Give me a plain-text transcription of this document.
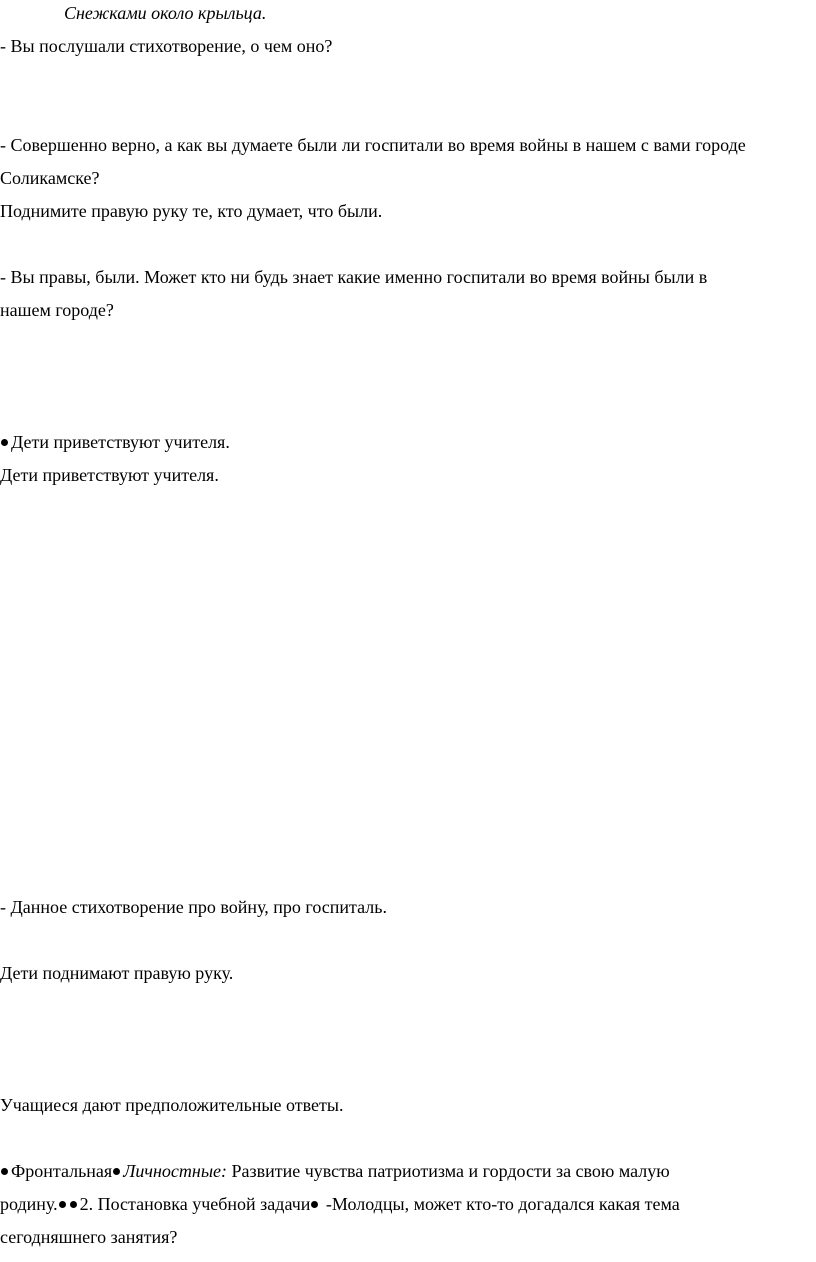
Снежками около крыльца.
- Вы послушали стихотворение, о чем оно?
- Совершенно верно, а как вы думаете были ли госпитали во время войны в нашем с вами городе
Соликамске?
Поднимите правую руку те, кто думает, что были.
- Вы правы, были. Может кто ни будь знает какие именно госпитали во время войны были в
нашем городе?
Дети приветствуют учителя.
Дети приветствуют учителя.
- Данное стихотворение про войну, про госпиталь.
Дети поднимают правую руку.
Учащиеся дают предположительные ответы.
Фронтальная Личностные: Развитие чувства патриотизма и гордости за свою малую
родину. 2. Постановка учебной задачи -Молодцы, может кто-то догадался какая тема
сегодняшнего занятия?
